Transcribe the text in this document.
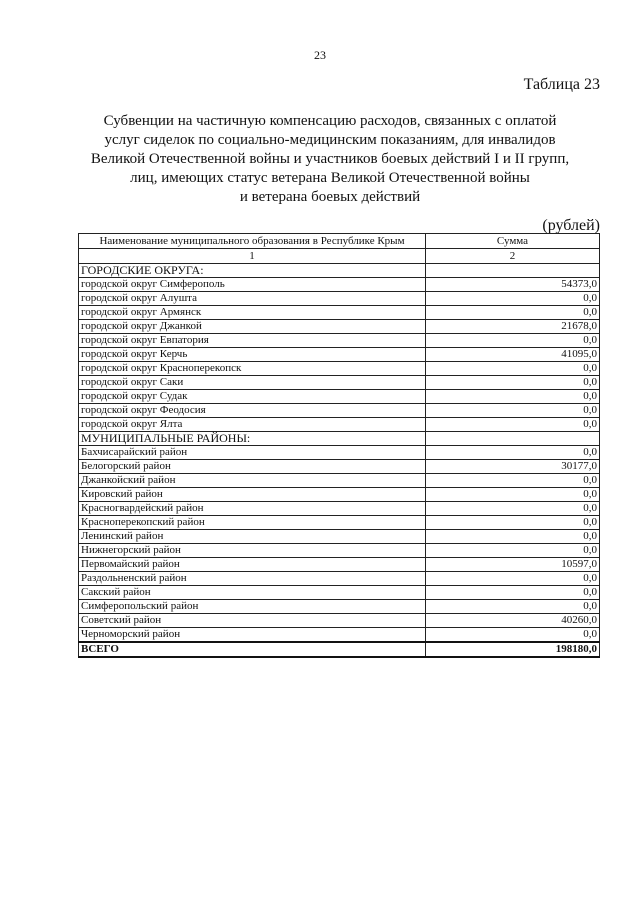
23
Таблица 23
Субвенции на частичную компенсацию расходов, связанных с оплатой
услуг сиделок по социально-медицинским показаниям, для инвалидов
Великой Отечественной войны и участников боевых действий I и II групп,
лиц, имеющих статус ветерана Великой Отечественной войны
и ветерана боевых действий
(рублей)
Наименование муниципального образования в Республике Крым	Сумма
1	2
ГОРОДСКИЕ ОКРУГА:	
городской округ Симферополь	54373,0
городской округ Алушта	0,0
городской округ Армянск	0,0
городской округ Джанкой	21678,0
городской округ Евпатория	0,0
городской округ Керчь	41095,0
городской округ Красноперекопск	0,0
городской округ Саки	0,0
городской округ Судак	0,0
городской округ Феодосия	0,0
городской округ Ялта	0,0
МУНИЦИПАЛЬНЫЕ РАЙОНЫ:	
Бахчисарайский район	0,0
Белогорский район	30177,0
Джанкойский район	0,0
Кировский район	0,0
Красногвардейский район	0,0
Красноперекопский район	0,0
Ленинский район	0,0
Нижнегорский район	0,0
Первомайский район	10597,0
Раздольненский район	0,0
Сакский район	0,0
Симферопольский район	0,0
Советский район	40260,0
Черноморский район	0,0
ВСЕГО	198180,0
